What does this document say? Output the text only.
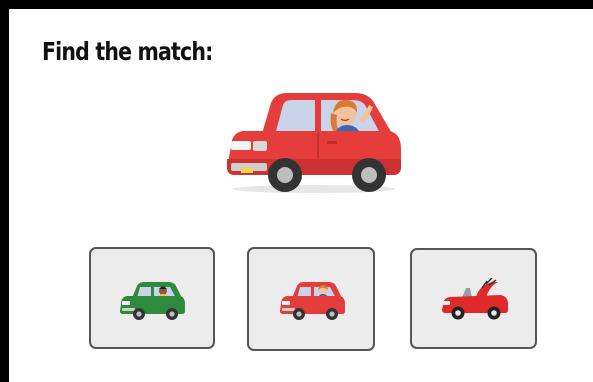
Find the match:
